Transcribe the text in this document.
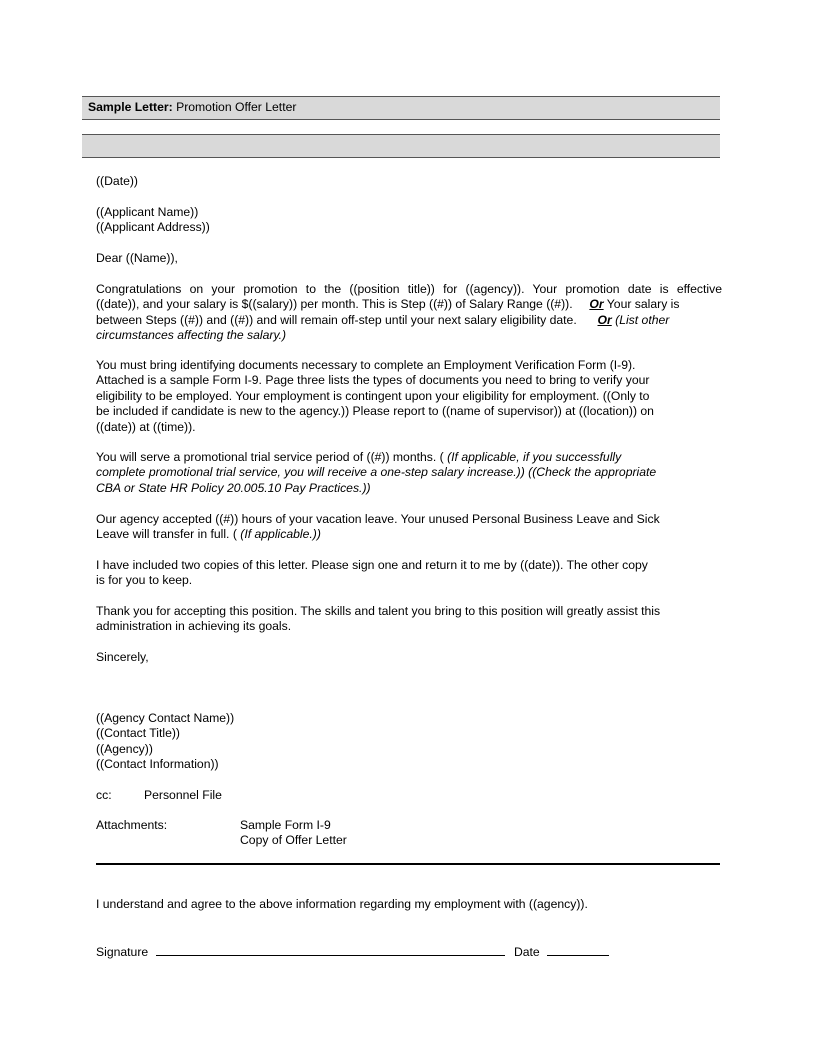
Sample Letter: Promotion Offer Letter
((Date))
((Applicant Name))
((Applicant Address))
Dear ((Name)),
Congratulations on your promotion to the ((position title)) for ((agency)). Your promotion date is effective
((date)), and your salary is $((salary)) per month. This is Step ((#)) of Salary Range ((#)). Or Your salary is
between Steps ((#)) and ((#)) and will remain off-step until your next salary eligibility date. Or (List other
circumstances affecting the salary.)
You must bring identifying documents necessary to complete an Employment Verification Form (I-9).
Attached is a sample Form I-9. Page three lists the types of documents you need to bring to verify your
eligibility to be employed. Your employment is contingent upon your eligibility for employment. ((Only to
be included if candidate is new to the agency.)) Please report to ((name of supervisor)) at ((location)) on
((date)) at ((time)).
You will serve a promotional trial service period of ((#)) months. ( (If applicable, if you successfully
complete promotional trial service, you will receive a one-step salary increase.)) ((Check the appropriate
CBA or State HR Policy 20.005.10 Pay Practices.))
Our agency accepted ((#)) hours of your vacation leave. Your unused Personal Business Leave and Sick
Leave will transfer in full. ( (If applicable.))
I have included two copies of this letter. Please sign one and return it to me by ((date)). The other copy
is for you to keep.
Thank you for accepting this position. The skills and talent you bring to this position will greatly assist this
administration in achieving its goals.
Sincerely,
((Agency Contact Name))
((Contact Title))
((Agency))
((Contact Information))
cc:	Personnel File
Attachments:	Sample Form I-9
Copy of Offer Letter
I understand and agree to the above information regarding my employment with ((agency)).
Signature	Date
